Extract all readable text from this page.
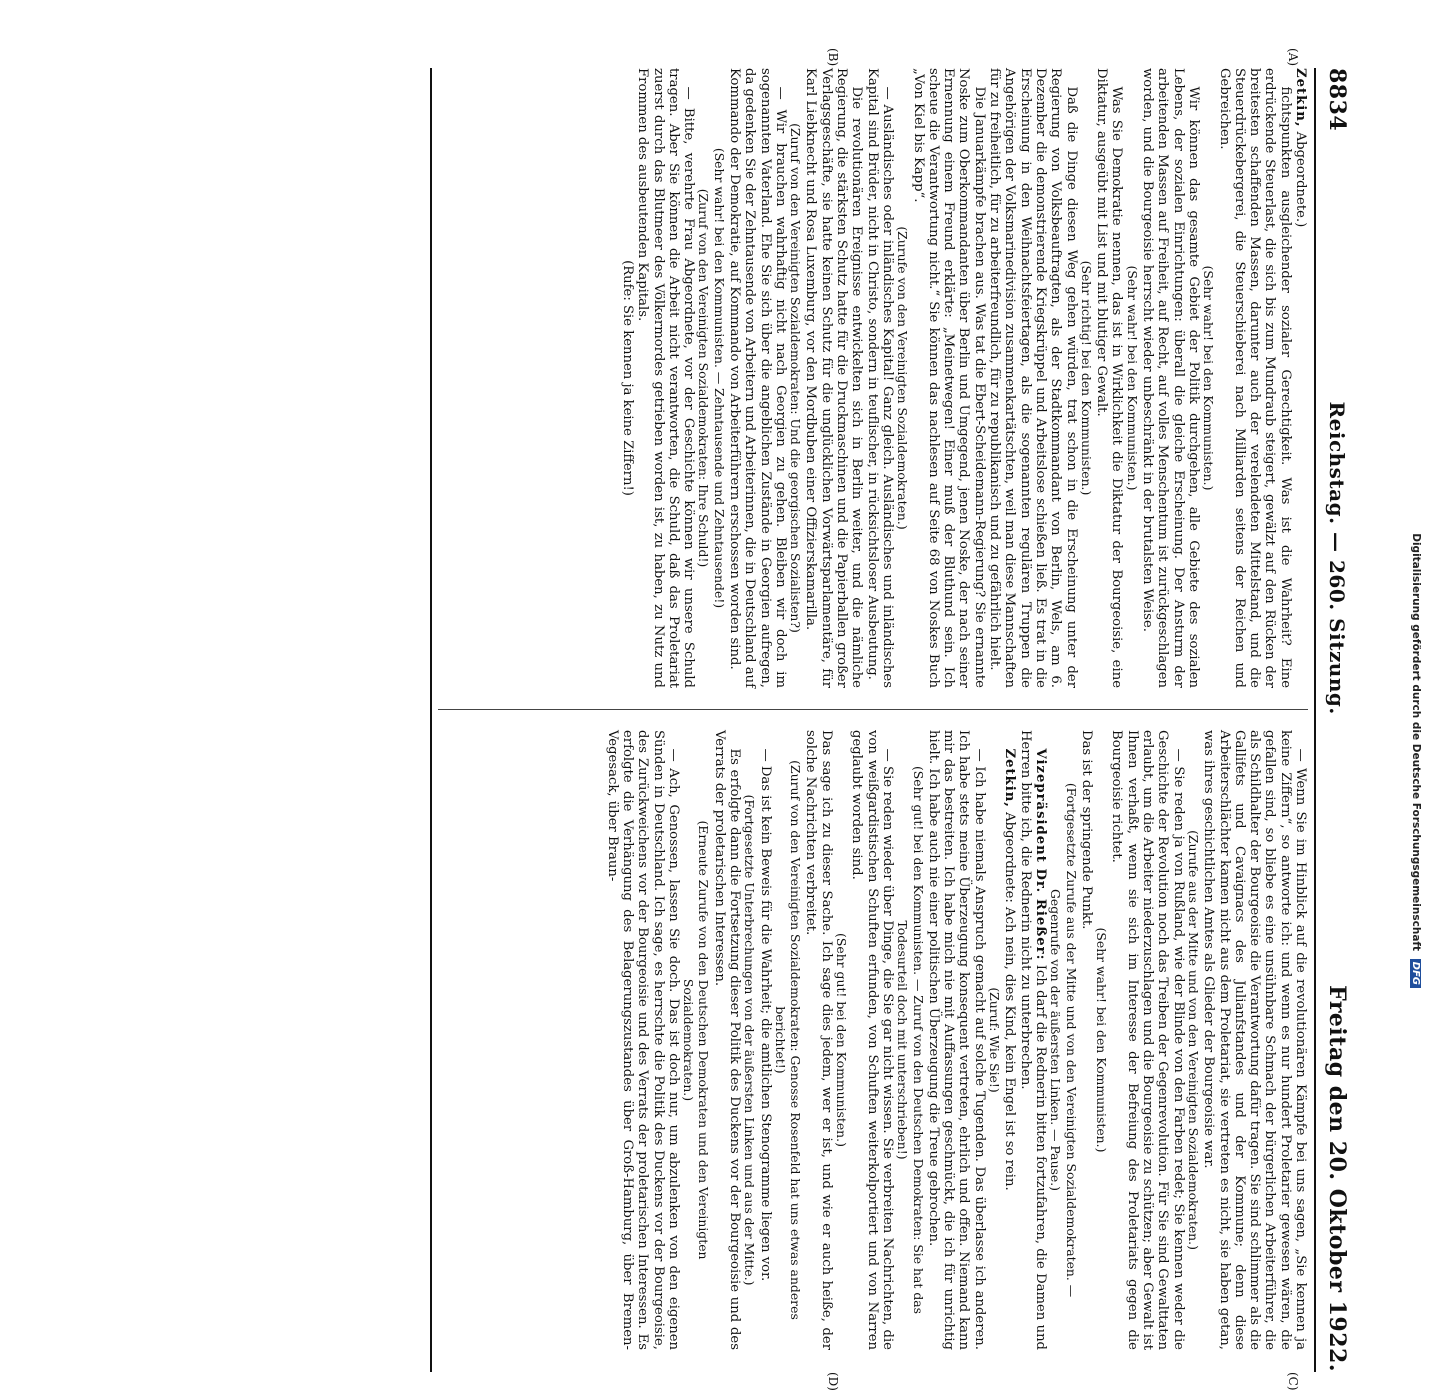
8834
Reichstag. — 260. Sitzung.
Freitag den 20. Oktober 1922.

Zetkin, Abgeordnete.)

fichtspunkten ausgleichender sozialer Gerechtigkeit. Was ist die Wahrheit? Eine erdrückende Steuerlast, die sich bis zum Mundraub steigert, gewälzt auf den Rücken der breitesten schaffenden Massen, darunter auch der verelendeten Mittelstand, und die Steuerdrückebergerei, die Steuerschieberei nach Milliarden seitens der Reichen und Gebreichen.

(Sehr wahr! bei den Kommunisten.)

Wir können das gesamte Gebiet der Politik durchgehen, alle Gebiete des sozialen Lebens, der sozialen Einrichtungen: überall die gleiche Erscheinung. Der Ansturm der arbeitenden Massen auf Freiheit, auf Recht, auf volles Menschentum ist zurückgeschlagen worden, und die Bourgeoisie herrscht wieder unbeschränkt in der brutalsten Weise.

(Sehr wahr! bei den Kommunisten.)

Was Sie Demokratie nennen, das ist in Wirklichkeit die Diktatur der Bourgeoisie, eine Diktatur, ausgeübt mit List und mit blutiger Gewalt.

(Sehr richtig! bei den Kommunisten.)

Daß die Dinge diesen Weg gehen würden, trat schon in die Erscheinung unter der Regierung von Volksbeauftragten, als der Stadtkommandant von Berlin, Wels, am 6. Dezember die demonstrierende Kriegskrüppel und Arbeitslose schießen ließ. Es trat in die Erscheinung in den Weihnachtsfeiertagen, als die sogenannten regulären Truppen die Angehörigen der Volksmarinedivision zusammenkartätschten, weil man diese Mannschaften für zu freiheitlich, für zu arbeiterfreundlich, für zu republikanisch und zu gefährlich hielt.

Die Januarkämpfe brachen aus. Was tat die Ebert-Scheidemann-Regierung? Sie ernannte Noske zum Oberkommandanten über Berlin und Umgegend, jenen Noske, der nach seiner Ernennung einem Freund erklärte: „Meinetwegen! Einer muß der Bluthund sein. Ich scheue die Verantwortung nicht.“ Sie können das nachlesen auf Seite 68 von Noskes Buch „Von Kiel bis Kapp“.

(Zurufe von den Vereinigten Sozialdemokraten.)

— Ausländisches oder inländisches Kapital! Ganz gleich. Ausländisches und inländisches Kapital sind Brüder, nicht in Christo, sondern in teuflischer, in rücksichtsloser Ausbeutung.

Die revolutionären Ereignisse entwickelten sich in Berlin weiter, und die nämliche Regierung, die stärksten Schutz hatte für die Druckmaschinen und die Papierballen großer Verlagsgeschäfte, sie hatte keinen Schutz für die unglücklichen Vorwärtsparlamentäre, für Karl Liebknecht und Rosa Luxemburg, vor den Mordbuben einer Offizierskamarilla.

(Zuruf von den Vereinigten Sozialdemokraten: Und die georgischen Sozialisten?)

— Wir brauchen wahrhaftig nicht nach Georgien zu gehen. Bleiben wir doch im sogenannten Vaterland. Ehe Sie sich über die angeblichen Zustände in Georgien aufregen, da gedenken Sie der Zehntausende von Arbeitern und Arbeiterinnen, die in Deutschland auf Kommando der Demokratie, auf Kommando von Arbeiterführern erschossen worden sind.

(Sehr wahr! bei den Kommunisten. — Zehntausende und Zehntausende!)

(Zuruf von den Vereinigten Sozialdemokraten: Ihre Schuld!)

— Bitte, verehrte Frau Abgeordnete, vor der Geschichte können wir unsere Schuld tragen. Aber Sie können die Arbeit nicht verantworten, die Schuld, daß das Proletariat zuerst durch das Blutmeer des Völkermordes getrieben worden ist, zu haben, zu Nutz und Frommen des ausbeutenden Kapitals.

(Rufe: Sie kennen ja keine Ziffern!)

— Wenn Sie im Hinblick auf die revolutionären Kämpfe bei uns sagen, „Sie kennen ja keine Ziffern“, so antworte ich: und wenn es nur hundert Proletarier gewesen wären, die gefallen sind, so bliebe es eine unsühnbare Schmach der bürgerlichen Arbeiterführer, die als Schildhalter der Bourgeoisie die Verantwortung dafür tragen. Sie sind schlimmer als die Gallifets und Cavaignacs des Julianfstandes und der Kommune; denn diese Arbeiterschlächter kamen nicht aus dem Proletariat, sie vertreten es nicht, sie haben getan, was ihres geschichtlichen Amtes als Glieder der Bourgeoisie war.

(Zurufe aus der Mitte und von den Vereinigten Sozialdemokraten.)

— Sie reden ja von Rußland, wie der Blinde von den Farben redet; Sie kennen weder die Geschichte der Revolution noch das Treiben der Gegenrevolution. Für Sie sind Gewalttaten erlaubt, um die Arbeiter niederzuschlagen und die Bourgeoisie zu schützen; aber Gewalt ist Ihnen verhaßt, wenn sie sich im Interesse der Befreiung des Proletariats gegen die Bourgeoisie richtet.

(Sehr wahr! bei den Kommunisten.)

Das ist der springende Punkt.

(Fortgesetzte Zurufe aus der Mitte und von den Vereinigten Sozialdemokraten. — Gegenrufe von der äußersten Linken. — Pause.)

Vizepräsident Dr. Rießer: Ich darf die Rednerin bitten fortzufahren, die Damen und Herren bitte ich, die Rednerin nicht zu unterbrechen.

Zetkin, Abgeordnete: Ach nein, dies Kind, kein Engel ist so rein.

(Zuruf: Wie Sie!)

— Ich habe niemals Anspruch gemacht auf solche Tugenden. Das überlasse ich anderen. Ich habe stets meine Überzeugung konsequent vertreten, ehrlich und offen. Niemand kann mir das bestreiten. Ich habe mich nie mit Auffassungen geschmückt, die ich für unrichtig hielt. Ich habe auch nie einer politischen Überzeugung die Treue gebrochen.

(Sehr gut! bei den Kommunisten. — Zuruf von den Deutschen Demokraten: Sie hat das Todesurteil doch mit unterschrieben!)

— Sie reden wieder über Dinge, die Sie gar nicht wissen. Sie verbreiten Nachrichten, die von weißgardistischen Schuften erfunden, von Schuften weiterkolportiert und von Narren geglaubt worden sind.

(Sehr gut! bei den Kommunisten.)

Das sage ich zu dieser Sache. Ich sage dies jedem, wer er ist, und wie er auch heiße, der solche Nachrichten verbreitet.

(Zuruf von den Vereinigten Sozialdemokraten: Genosse Rosenfeld hat uns etwas anderes berichtet!)

— Das ist kein Beweis für die Wahrheit; die amtlichen Stenogramme liegen vor.

(Fortgesetzte Unterbrechungen von der äußersten Linken und aus der Mitte.)

Es erfolgte dann die Fortsetzung dieser Politik des Duckens vor der Bourgeoisie und des Verrats der proletarischen Interessen.

(Erneute Zurufe von den Deutschen Demokraten und den Vereinigten Sozialdemokraten.)

— Ach, Genossen, lassen Sie doch. Das ist doch nur, um abzulenken von den eigenen Sünden in Deutschland. Ich sage, es herrschte die Politik des Duckens vor der Bourgeoisie, des Zurückweichens vor der Bourgeoisie und des Verrats der proletarischen Interessen. Es erfolgte die Verhängung des Belagerungszustandes über Groß-Hamburg, über Bremen-Vegesack, über Braun-

(A)
(B)
(C)
(D)
Digitalisierung gefördert durch die Deutsche Forschungsgemeinschaft DFG
